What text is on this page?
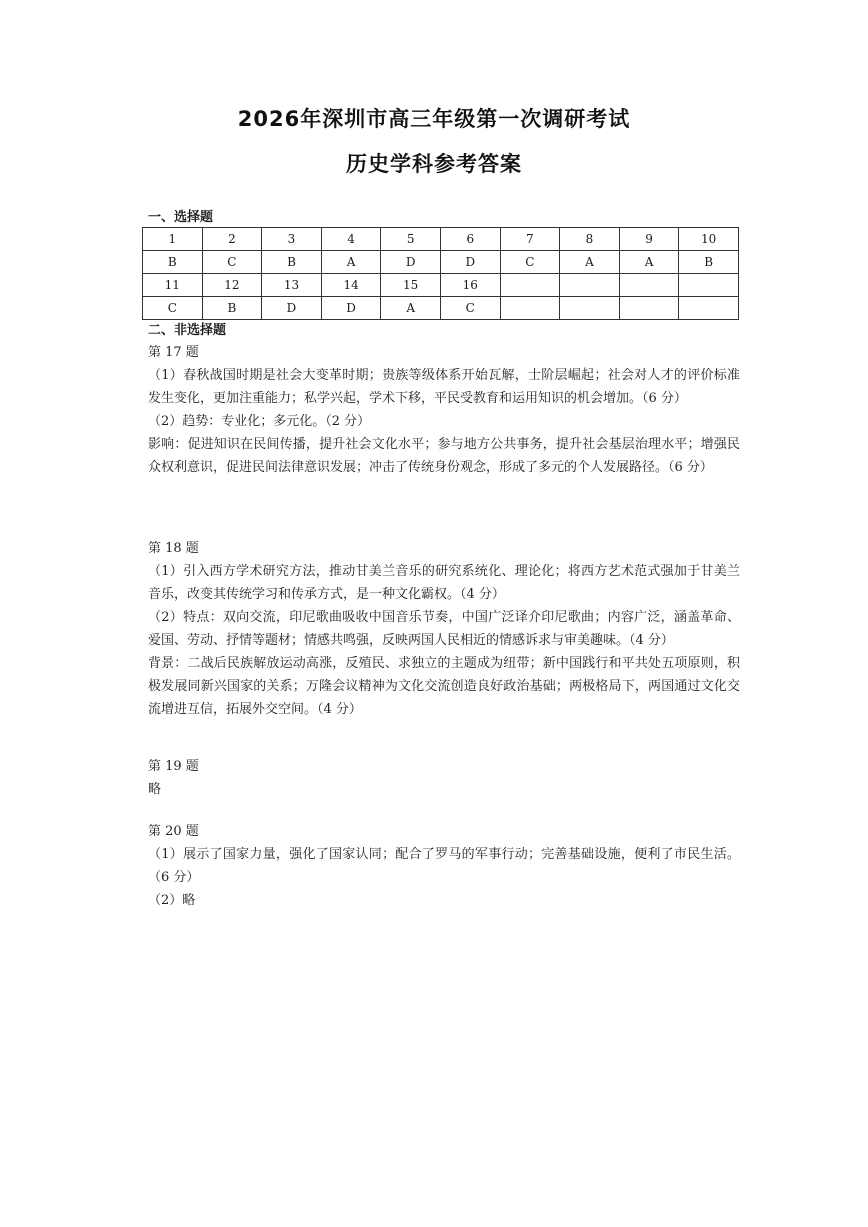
2026年深圳市高三年级第一次调研考试
历史学科参考答案
一、选择题
1	2	3	4	5	6	7	8	9	10
B	C	B	A	D	D	C	A	A	B
11	12	13	14	15	16				
C	B	D	D	A	C				
二、非选择题

第 17 题

（1）春秋战国时期是社会大变革时期；贵族等级体系开始瓦解，士阶层崛起；社会对人才的评价标准发生变化，更加注重能力；私学兴起，学术下移，平民受教育和运用知识的机会增加。（6 分）

（2）趋势：专业化；多元化。（2 分）

影响：促进知识在民间传播，提升社会文化水平；参与地方公共事务，提升社会基层治理水平；增强民众权利意识，促进民间法律意识发展；冲击了传统身份观念，形成了多元的个人发展路径。（6 分）

第 18 题

（1）引入西方学术研究方法，推动甘美兰音乐的研究系统化、理论化；将西方艺术范式强加于甘美兰音乐，改变其传统学习和传承方式，是一种文化霸权。（4 分）

（2）特点：双向交流，印尼歌曲吸收中国音乐节奏，中国广泛译介印尼歌曲；内容广泛，涵盖革命、爱国、劳动、抒情等题材；情感共鸣强，反映两国人民相近的情感诉求与审美趣味。（4 分）

背景：二战后民族解放运动高涨，反殖民、求独立的主题成为纽带；新中国践行和平共处五项原则，积极发展同新兴国家的关系；万隆会议精神为文化交流创造良好政治基础；两极格局下，两国通过文化交流增进互信，拓展外交空间。（4 分）

第 19 题

略

第 20 题

（1）展示了国家力量，强化了国家认同；配合了罗马的军事行动；完善基础设施，便利了市民生活。（6 分）

（2）略
